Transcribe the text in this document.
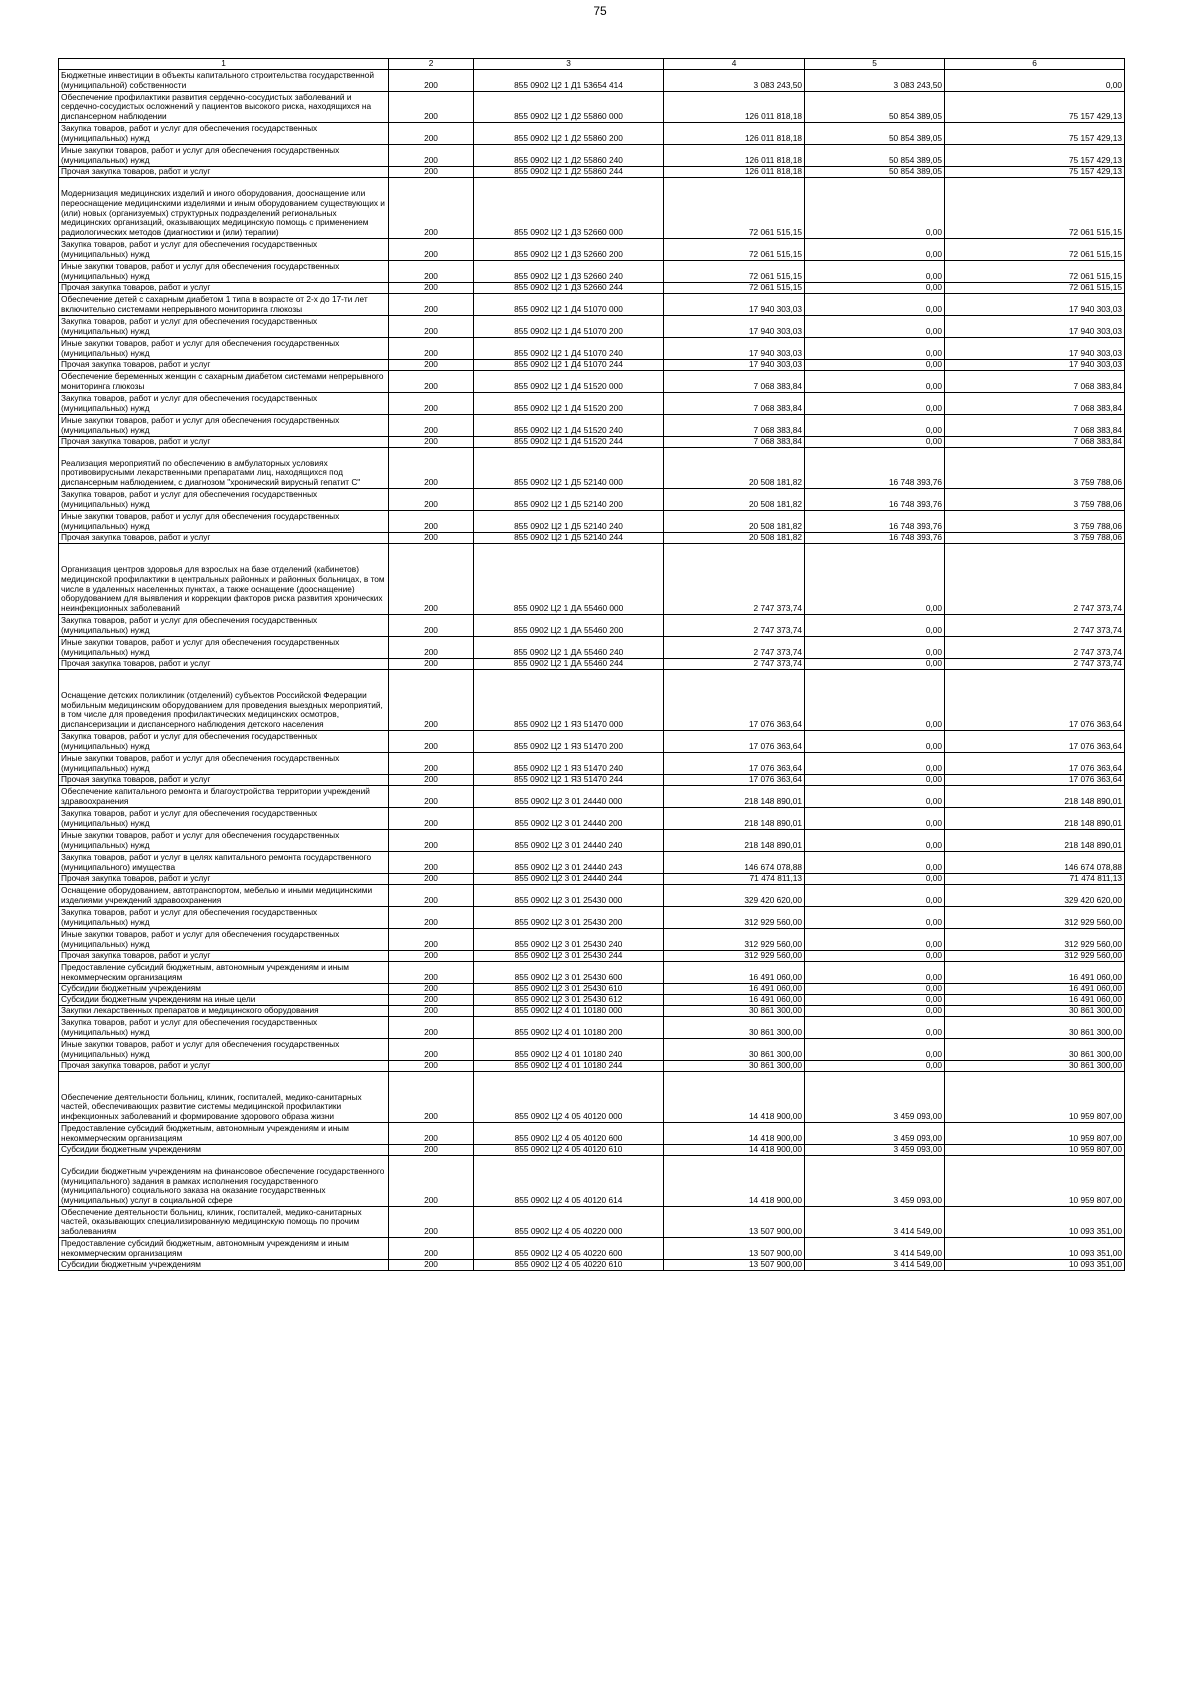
75
1	2	3	4	5	6
Бюджетные инвестиции в объекты капитального строительства государственной (муниципальной) собственности	200	855 0902 Ц2 1 Д1 53654 414	3 083 243,50	3 083 243,50	0,00
Обеспечение профилактики развития сердечно-сосудистых заболеваний и сердечно-сосудистых осложнений у пациентов высокого риска, находящихся на диспансерном наблюдении	200	855 0902 Ц2 1 Д2 55860 000	126 011 818,18	50 854 389,05	75 157 429,13
Закупка товаров, работ и услуг для обеспечения государственных (муниципальных) нужд	200	855 0902 Ц2 1 Д2 55860 200	126 011 818,18	50 854 389,05	75 157 429,13
Иные закупки товаров, работ и услуг для обеспечения государственных (муниципальных) нужд	200	855 0902 Ц2 1 Д2 55860 240	126 011 818,18	50 854 389,05	75 157 429,13
Прочая закупка товаров, работ и услуг	200	855 0902 Ц2 1 Д2 55860 244	126 011 818,18	50 854 389,05	75 157 429,13
Модернизация медицинских изделий и иного оборудования, дооснащение или переоснащение медицинскими изделиями и иным оборудованием существующих и (или) новых (организуемых) структурных подразделений региональных медицинских организаций, оказывающих медицинскую помощь с применением радиологических методов (диагностики и (или) терапии)	200	855 0902 Ц2 1 Д3 52660 000	72 061 515,15	0,00	72 061 515,15
Закупка товаров, работ и услуг для обеспечения государственных (муниципальных) нужд	200	855 0902 Ц2 1 Д3 52660 200	72 061 515,15	0,00	72 061 515,15
Иные закупки товаров, работ и услуг для обеспечения государственных (муниципальных) нужд	200	855 0902 Ц2 1 Д3 52660 240	72 061 515,15	0,00	72 061 515,15
Прочая закупка товаров, работ и услуг	200	855 0902 Ц2 1 Д3 52660 244	72 061 515,15	0,00	72 061 515,15
Обеспечение детей с сахарным диабетом 1 типа в возрасте от 2-х до 17-ти лет включительно системами непрерывного мониторинга глюкозы	200	855 0902 Ц2 1 Д4 51070 000	17 940 303,03	0,00	17 940 303,03
Закупка товаров, работ и услуг для обеспечения государственных (муниципальных) нужд	200	855 0902 Ц2 1 Д4 51070 200	17 940 303,03	0,00	17 940 303,03
Иные закупки товаров, работ и услуг для обеспечения государственных (муниципальных) нужд	200	855 0902 Ц2 1 Д4 51070 240	17 940 303,03	0,00	17 940 303,03
Прочая закупка товаров, работ и услуг	200	855 0902 Ц2 1 Д4 51070 244	17 940 303,03	0,00	17 940 303,03
Обеспечение беременных женщин с сахарным диабетом системами непрерывного мониторинга глюкозы	200	855 0902 Ц2 1 Д4 51520 000	7 068 383,84	0,00	7 068 383,84
Закупка товаров, работ и услуг для обеспечения государственных (муниципальных) нужд	200	855 0902 Ц2 1 Д4 51520 200	7 068 383,84	0,00	7 068 383,84
Иные закупки товаров, работ и услуг для обеспечения государственных (муниципальных) нужд	200	855 0902 Ц2 1 Д4 51520 240	7 068 383,84	0,00	7 068 383,84
Прочая закупка товаров, работ и услуг	200	855 0902 Ц2 1 Д4 51520 244	7 068 383,84	0,00	7 068 383,84
Реализация мероприятий по обеспечению в амбулаторных условиях противовирусными лекарственными препаратами лиц, находящихся под диспансерным наблюдением, с диагнозом "хронический вирусный гепатит С"	200	855 0902 Ц2 1 Д5 52140 000	20 508 181,82	16 748 393,76	3 759 788,06
Закупка товаров, работ и услуг для обеспечения государственных (муниципальных) нужд	200	855 0902 Ц2 1 Д5 52140 200	20 508 181,82	16 748 393,76	3 759 788,06
Иные закупки товаров, работ и услуг для обеспечения государственных (муниципальных) нужд	200	855 0902 Ц2 1 Д5 52140 240	20 508 181,82	16 748 393,76	3 759 788,06
Прочая закупка товаров, работ и услуг	200	855 0902 Ц2 1 Д5 52140 244	20 508 181,82	16 748 393,76	3 759 788,06
Организация центров здоровья для взрослых на базе отделений (кабинетов) медицинской профилактики в центральных районных и районных больницах, в том числе в удаленных населенных пунктах, а также оснащение (дооснащение) оборудованием для выявления и коррекции факторов риска развития хронических неинфекционных заболеваний	200	855 0902 Ц2 1 ДА 55460 000	2 747 373,74	0,00	2 747 373,74
Закупка товаров, работ и услуг для обеспечения государственных (муниципальных) нужд	200	855 0902 Ц2 1 ДА 55460 200	2 747 373,74	0,00	2 747 373,74
Иные закупки товаров, работ и услуг для обеспечения государственных (муниципальных) нужд	200	855 0902 Ц2 1 ДА 55460 240	2 747 373,74	0,00	2 747 373,74
Прочая закупка товаров, работ и услуг	200	855 0902 Ц2 1 ДА 55460 244	2 747 373,74	0,00	2 747 373,74
Оснащение детских поликлиник (отделений) субъектов Российской Федерации мобильным медицинским оборудованием для проведения выездных мероприятий, в том числе для проведения профилактических медицинских осмотров, диспансеризации и диспансерного наблюдения детского населения	200	855 0902 Ц2 1 Я3 51470 000	17 076 363,64	0,00	17 076 363,64
Закупка товаров, работ и услуг для обеспечения государственных (муниципальных) нужд	200	855 0902 Ц2 1 Я3 51470 200	17 076 363,64	0,00	17 076 363,64
Иные закупки товаров, работ и услуг для обеспечения государственных (муниципальных) нужд	200	855 0902 Ц2 1 Я3 51470 240	17 076 363,64	0,00	17 076 363,64
Прочая закупка товаров, работ и услуг	200	855 0902 Ц2 1 Я3 51470 244	17 076 363,64	0,00	17 076 363,64
Обеспечение капитального ремонта и благоустройства территории учреждений здравоохранения	200	855 0902 Ц2 3 01 24440 000	218 148 890,01	0,00	218 148 890,01
Закупка товаров, работ и услуг для обеспечения государственных (муниципальных) нужд	200	855 0902 Ц2 3 01 24440 200	218 148 890,01	0,00	218 148 890,01
Иные закупки товаров, работ и услуг для обеспечения государственных (муниципальных) нужд	200	855 0902 Ц2 3 01 24440 240	218 148 890,01	0,00	218 148 890,01
Закупка товаров, работ и услуг в целях капитального ремонта государственного (муниципального) имущества	200	855 0902 Ц2 3 01 24440 243	146 674 078,88	0,00	146 674 078,88
Прочая закупка товаров, работ и услуг	200	855 0902 Ц2 3 01 24440 244	71 474 811,13	0,00	71 474 811,13
Оснащение оборудованием, автотранспортом, мебелью и иными медицинскими изделиями учреждений здравоохранения	200	855 0902 Ц2 3 01 25430 000	329 420 620,00	0,00	329 420 620,00
Закупка товаров, работ и услуг для обеспечения государственных (муниципальных) нужд	200	855 0902 Ц2 3 01 25430 200	312 929 560,00	0,00	312 929 560,00
Иные закупки товаров, работ и услуг для обеспечения государственных (муниципальных) нужд	200	855 0902 Ц2 3 01 25430 240	312 929 560,00	0,00	312 929 560,00
Прочая закупка товаров, работ и услуг	200	855 0902 Ц2 3 01 25430 244	312 929 560,00	0,00	312 929 560,00
Предоставление субсидий бюджетным, автономным учреждениям и иным некоммерческим организациям	200	855 0902 Ц2 3 01 25430 600	16 491 060,00	0,00	16 491 060,00
Субсидии бюджетным учреждениям	200	855 0902 Ц2 3 01 25430 610	16 491 060,00	0,00	16 491 060,00
Субсидии бюджетным учреждениям на иные цели	200	855 0902 Ц2 3 01 25430 612	16 491 060,00	0,00	16 491 060,00
Закупки лекарственных препаратов и медицинского оборудования	200	855 0902 Ц2 4 01 10180 000	30 861 300,00	0,00	30 861 300,00
Закупка товаров, работ и услуг для обеспечения государственных (муниципальных) нужд	200	855 0902 Ц2 4 01 10180 200	30 861 300,00	0,00	30 861 300,00
Иные закупки товаров, работ и услуг для обеспечения государственных (муниципальных) нужд	200	855 0902 Ц2 4 01 10180 240	30 861 300,00	0,00	30 861 300,00
Прочая закупка товаров, работ и услуг	200	855 0902 Ц2 4 01 10180 244	30 861 300,00	0,00	30 861 300,00
Обеспечение деятельности больниц, клиник, госпиталей, медико-санитарных частей, обеспечивающих развитие системы медицинской профилактики инфекционных заболеваний и формирование здорового образа жизни	200	855 0902 Ц2 4 05 40120 000	14 418 900,00	3 459 093,00	10 959 807,00
Предоставление субсидий бюджетным, автономным учреждениям и иным некоммерческим организациям	200	855 0902 Ц2 4 05 40120 600	14 418 900,00	3 459 093,00	10 959 807,00
Субсидии бюджетным учреждениям	200	855 0902 Ц2 4 05 40120 610	14 418 900,00	3 459 093,00	10 959 807,00
Субсидии бюджетным учреждениям на финансовое обеспечение государственного (муниципального) задания в рамках исполнения государственного (муниципального) социального заказа на оказание государственных (муниципальных) услуг в социальной сфере	200	855 0902 Ц2 4 05 40120 614	14 418 900,00	3 459 093,00	10 959 807,00
Обеспечение деятельности больниц, клиник, госпиталей, медико-санитарных частей, оказывающих специализированную медицинскую помощь по прочим заболеваниям	200	855 0902 Ц2 4 05 40220 000	13 507 900,00	3 414 549,00	10 093 351,00
Предоставление субсидий бюджетным, автономным учреждениям и иным некоммерческим организациям	200	855 0902 Ц2 4 05 40220 600	13 507 900,00	3 414 549,00	10 093 351,00
Субсидии бюджетным учреждениям	200	855 0902 Ц2 4 05 40220 610	13 507 900,00	3 414 549,00	10 093 351,00
